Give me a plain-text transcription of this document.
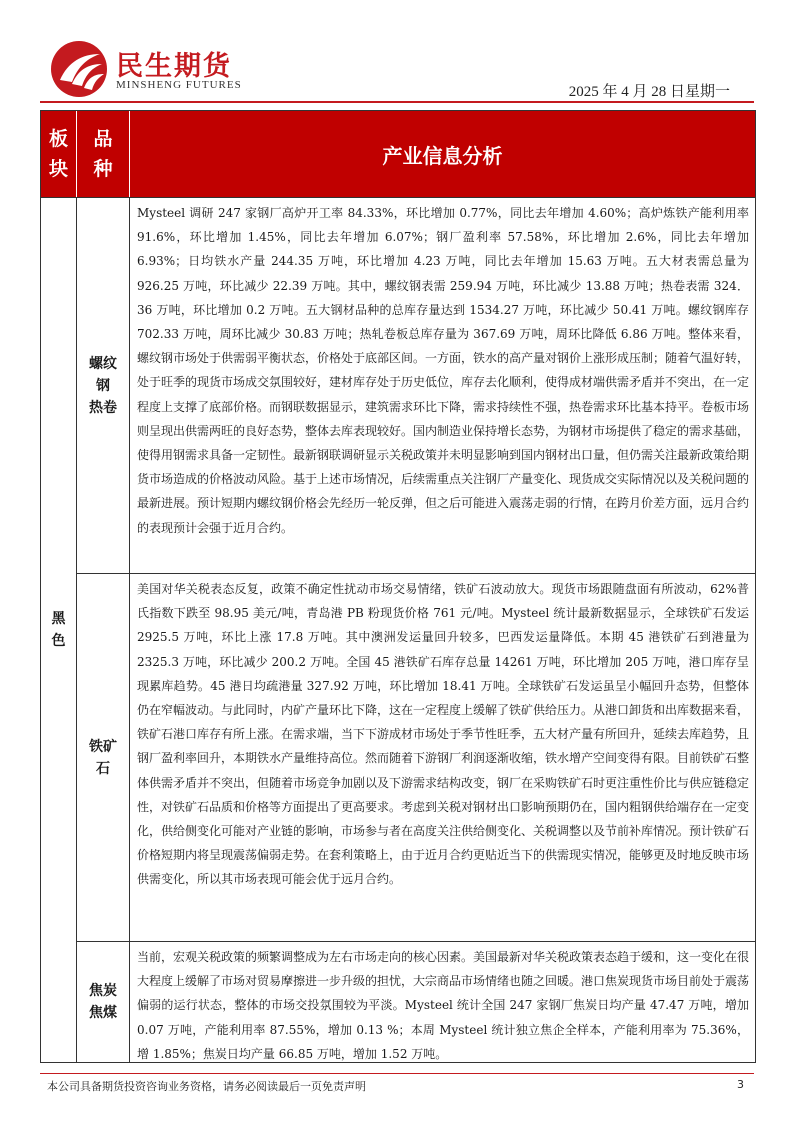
民生期货
MINSHENG FUTURES	2025 年 4 月 28 日星期一
板
块
品
种
产业信息分析
黑
色
螺纹
钢
热卷

Mysteel 调研 247 家钢厂高炉开工率 84.33%，环比增加 0.77%，同比去年增加 4.60%；高炉炼铁产能利用率 91.6%，环比增加 1.45%，同比去年增加 6.07%；钢厂盈利率 57.58%，环比增加 2.6%，同比去年增加 6.93%；日均铁水产量 244.35 万吨，环比增加 4.23 万吨，同比去年增加 15.63 万吨。五大材表需总量为 926.25 万吨，环比减少 22.39 万吨。其中，螺纹钢表需 259.94 万吨，环比减少 13.88 万吨；热卷表需 324．36 万吨，环比增加 0.2 万吨。五大钢材品种的总库存量达到 1534.27 万吨，环比减少 50.41 万吨。螺纹钢库存 702.33 万吨，周环比减少 30.83 万吨；热轧卷板总库存量为 367.69 万吨，周环比降低 6.86 万吨。整体来看，螺纹钢市场处于供需弱平衡状态，价格处于底部区间。一方面，铁水的高产量对钢价上涨形成压制；随着气温好转，处于旺季的现货市场成交氛围较好，建材库存处于历史低位，库存去化顺利，使得成材端供需矛盾并不突出，在一定程度上支撑了底部价格。而钢联数据显示，建筑需求环比下降，需求持续性不强，热卷需求环比基本持平。卷板市场则呈现出供需两旺的良好态势，整体去库表现较好。国内制造业保持增长态势，为钢材市场提供了稳定的需求基础，使得用钢需求具备一定韧性。最新钢联调研显示关税政策并未明显影响到国内钢材出口量，但仍需关注最新政策给期货市场造成的价格波动风险。基于上述市场情况，后续需重点关注钢厂产量变化、现货成交实际情况以及关税问题的最新进展。预计短期内螺纹钢价格会先经历一轮反弹，但之后可能进入震荡走弱的行情，在跨月价差方面，远月合约的表现预计会强于近月合约。

铁矿
石

美国对华关税表态反复，政策不确定性扰动市场交易情绪，铁矿石波动放大。现货市场跟随盘面有所波动，62%普氏指数下跌至 98.95 美元/吨，青岛港 PB 粉现货价格 761 元/吨。Mysteel 统计最新数据显示，全球铁矿石发运 2925.5 万吨，环比上涨 17.8 万吨。其中澳洲发运量回升较多，巴西发运量降低。本期 45 港铁矿石到港量为 2325.3 万吨，环比减少 200.2 万吨。全国 45 港铁矿石库存总量 14261 万吨，环比增加 205 万吨，港口库存呈现累库趋势。45 港日均疏港量 327.92 万吨，环比增加 18.41 万吨。全球铁矿石发运虽呈小幅回升态势，但整体仍在窄幅波动。与此同时，内矿产量环比下降，这在一定程度上缓解了铁矿供给压力。从港口卸货和出库数据来看，铁矿石港口库存有所上涨。在需求端，当下下游成材市场处于季节性旺季，五大材产量有所回升，延续去库趋势，且钢厂盈利率回升，本期铁水产量维持高位。然而随着下游钢厂利润逐渐收缩，铁水增产空间变得有限。目前铁矿石整体供需矛盾并不突出，但随着市场竞争加剧以及下游需求结构改变，钢厂在采购铁矿石时更注重性价比与供应链稳定性，对铁矿石品质和价格等方面提出了更高要求。考虑到关税对钢材出口影响预期仍在，国内粗钢供给端存在一定变化，供给侧变化可能对产业链的影响，市场参与者在高度关注供给侧变化、关税调整以及节前补库情况。预计铁矿石价格短期内将呈现震荡偏弱走势。在套利策略上，由于近月合约更贴近当下的供需现实情况，能够更及时地反映市场供需变化，所以其市场表现可能会优于远月合约。

焦炭
焦煤

当前，宏观关税政策的频繁调整成为左右市场走向的核心因素。美国最新对华关税政策表态趋于缓和，这一变化在很大程度上缓解了市场对贸易摩擦进一步升级的担忧，大宗商品市场情绪也随之回暖。港口焦炭现货市场目前处于震荡偏弱的运行状态，整体的市场交投氛围较为平淡。Mysteel 统计全国 247 家钢厂焦炭日均产量 47.47 万吨，增加 0.07 万吨，产能利用率 87.55%，增加 0.13 %；本周 Mysteel 统计独立焦企全样本，产能利用率为 75.36%，增 1.85%；焦炭日均产量 66.85 万吨，增加 1.52 万吨。

本公司具备期货投资咨询业务资格，请务必阅读最后一页免责声明	3
